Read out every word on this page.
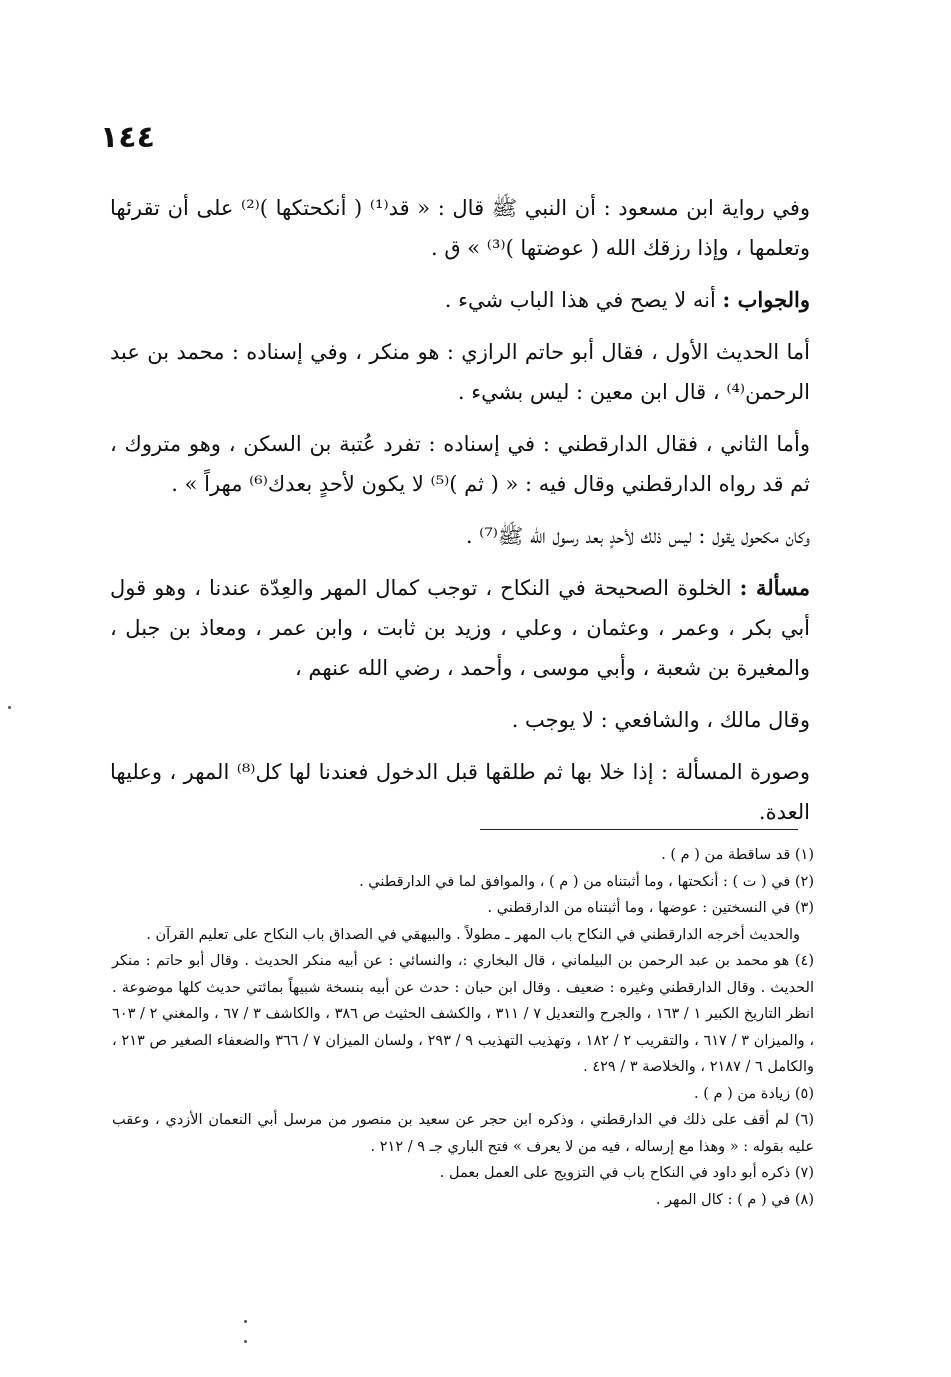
١٤٤

وفي رواية ابن مسعود : أن النبي ﷺ قال : « قد⁽¹⁾ ( أنكحتكها )⁽²⁾ على أن تقرئها وتعلمها ، وإذا رزقك الله ( عوضتها )⁽³⁾ » ق .

والجواب : أنه لا يصح في هذا الباب شيء .

أما الحديث الأول ، فقال أبو حاتم الرازي : هو منكر ، وفي إسناده : محمد بن عبد الرحمن⁽⁴⁾ ، قال ابن معين : ليس بشيء .

وأما الثاني ، فقال الدارقطني : في إسناده : تفرد عُتبة بن السكن ، وهو متروك ، ثم قد رواه الدارقطني وقال فيه : « ( ثم )⁽⁵⁾ لا يكون لأحدٍ بعدك⁽⁶⁾ مهراً » .

وكان مكحول يقول : ليس ذلك لأحدٍ بعد رسول الله ﷺ⁽⁷⁾ .

مسألة : الخلوة الصحيحة في النكاح ، توجب كمال المهر والعِدّة عندنا ، وهو قول أبي بكر ، وعمر ، وعثمان ، وعلي ، وزيد بن ثابت ، وابن عمر ، ومعاذ بن جبل ، والمغيرة بن شعبة ، وأبي موسى ، وأحمد ، رضي الله عنهم ،

وقال مالك ، والشافعي : لا يوجب .

وصورة المسألة : إذا خلا بها ثم طلقها قبل الدخول فعندنا لها كل⁽⁸⁾ المهر ، وعليها العدة.

(١) قد ساقطة من ( م ) .

(٢) في ( ت ) : أنكحتها ، وما أثبتناه من ( م ) ، والموافق لما في الدارقطني .

(٣) في النسختين : عوضها ، وما أثبتناه من الدارقطني .

والحديث أخرجه الدارقطني في النكاح باب المهر ـ مطولاً . والبيهقي في الصداق باب النكاح على تعليم القرآن .

(٤) هو محمد بن عبد الرحمن بن البيلماني ، قال البخاري :، والنسائي : عن أبيه منكر الحديث . وقال أبو حاتم : منكر الحديث . وقال الدارقطني وغيره : ضعيف . وقال ابن حبان : حدث عن أبيه بنسخة شبيهاً بمائتي حديث كلها موضوعة . انظر التاريخ الكبير ١ / ١٦٣ ، والجرح والتعديل ٧ / ٣١١ ، والكشف الحثيث ص ٣٨٦ ، والكاشف ٣ / ٦٧ ، والمغني ٢ / ٦٠٣ ، والميزان ٣ / ٦١٧ ، والتقريب ٢ / ١٨٢ ، وتهذيب التهذيب ٩ / ٢٩٣ ، ولسان الميزان ٧ / ٣٦٦ والضعفاء الصغير ص ٢١٣ ، والكامل ٦ / ٢١٨٧ ، والخلاصة ٣ / ٤٢٩ .

(٥) زيادة من ( م ) .

(٦) لم أقف على ذلك في الدارقطني ، وذكره ابن حجر عن سعيد بن منصور من مرسل أبي النعمان الأزدي ، وعقب عليه بقوله : « وهذا مع إرساله ، فيه من لا يعرف » فتح الباري جـ ٩ / ٢١٢ .

(٧) ذكره أبو داود في النكاح باب في التزويج على العمل بعمل .

(٨) في ( م ) : كال المهر .
